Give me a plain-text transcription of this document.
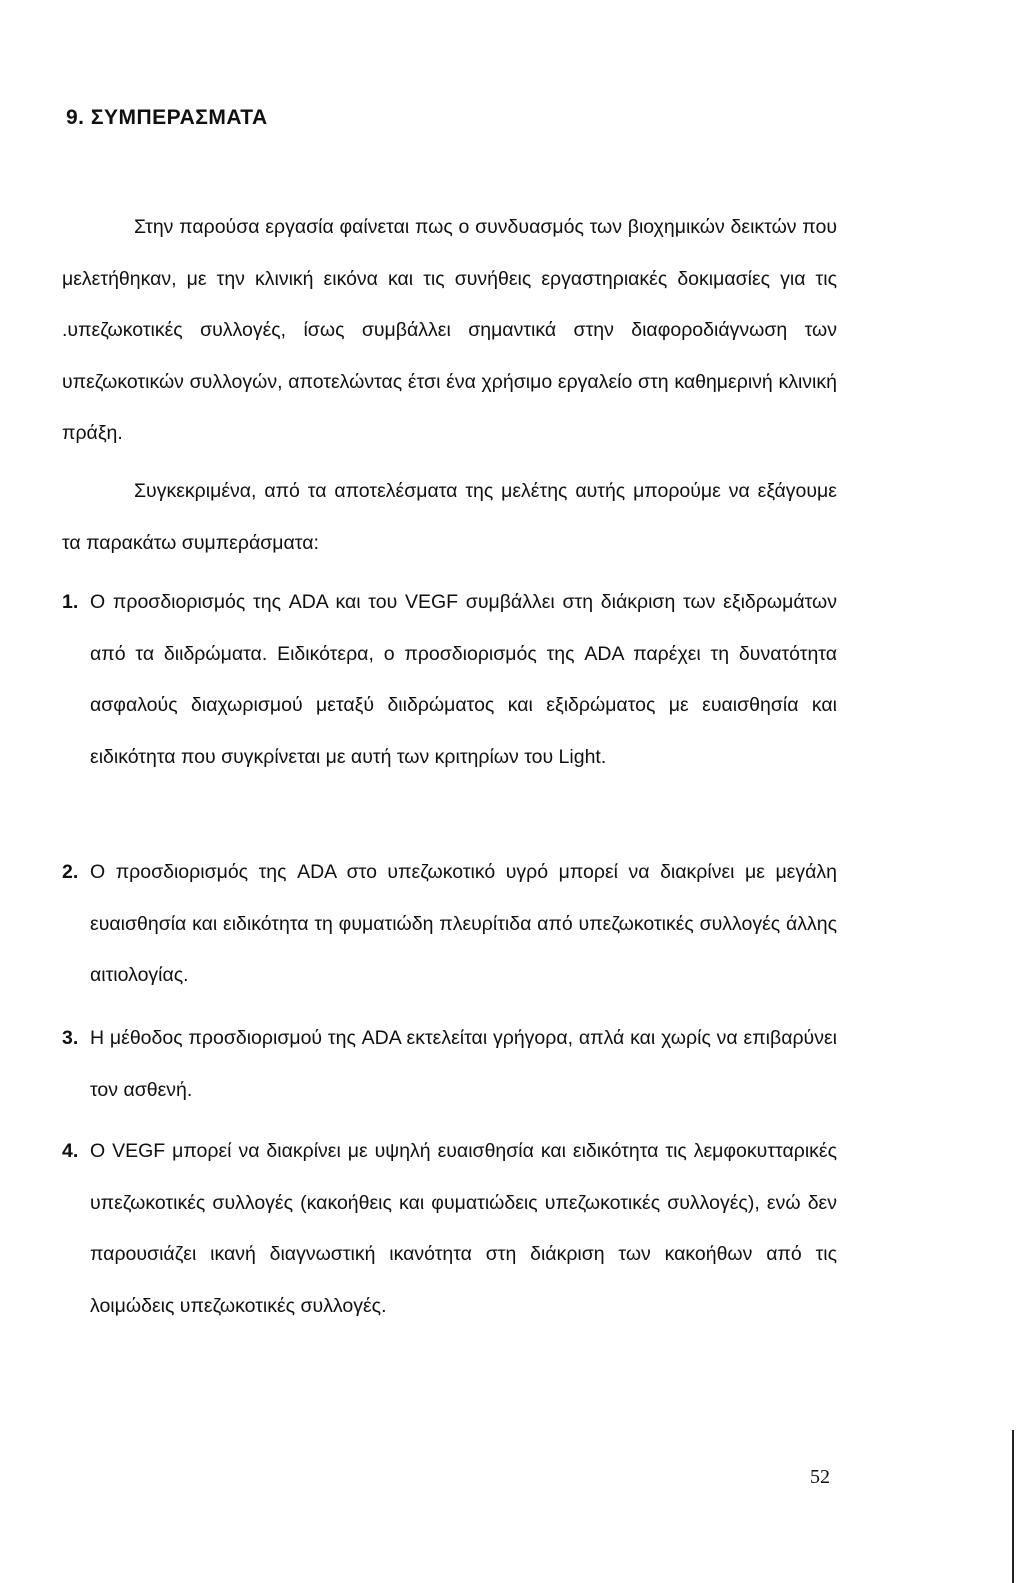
9. ΣΥΜΠΕΡΑΣΜΑΤΑ

Στην παρούσα εργασία φαίνεται πως ο συνδυασμός των βιοχημικών δεικτών που μελετήθηκαν, με την κλινική εικόνα και τις συνήθεις εργαστηριακές δοκιμασίες για τις .υπεζωκοτικές συλλογές, ίσως συμβάλλει σημαντικά στην διαφοροδιάγνωση των υπεζωκοτικών συλλογών, αποτελώντας έτσι ένα χρήσιμο εργαλείο στη καθημερινή κλινική πράξη.

Συγκεκριμένα, από τα αποτελέσματα της μελέτης αυτής μπορούμε να εξάγουμε τα παρακάτω συμπεράσματα:

1. Ο προσδιορισμός της ADA και του VEGF συμβάλλει στη διάκριση των εξιδρωμάτων από τα διιδρώματα. Ειδικότερα, ο προσδιορισμός της ADA παρέχει τη δυνατότητα ασφαλούς διαχωρισμού μεταξύ διιδρώματος και εξιδρώματος με ευαισθησία και ειδικότητα που συγκρίνεται με αυτή των κριτηρίων του Light.
2. Ο προσδιορισμός της ADA στο υπεζωκοτικό υγρό μπορεί να διακρίνει με μεγάλη ευαισθησία και ειδικότητα τη φυματιώδη πλευρίτιδα από υπεζωκοτικές συλλογές άλλης αιτιολογίας.
3. Η μέθοδος προσδιορισμού της ADA εκτελείται γρήγορα, απλά και χωρίς να επιβαρύνει τον ασθενή.
4. Ο VEGF μπορεί να διακρίνει με υψηλή ευαισθησία και ειδικότητα τις λεμφοκυτταρικές υπεζωκοτικές συλλογές (κακοήθεις και φυματιώδεις υπεζωκοτικές συλλογές), ενώ δεν παρουσιάζει ικανή διαγνωστική ικανότητα στη διάκριση των κακοήθων από τις λοιμώδεις υπεζωκοτικές συλλογές.
52
